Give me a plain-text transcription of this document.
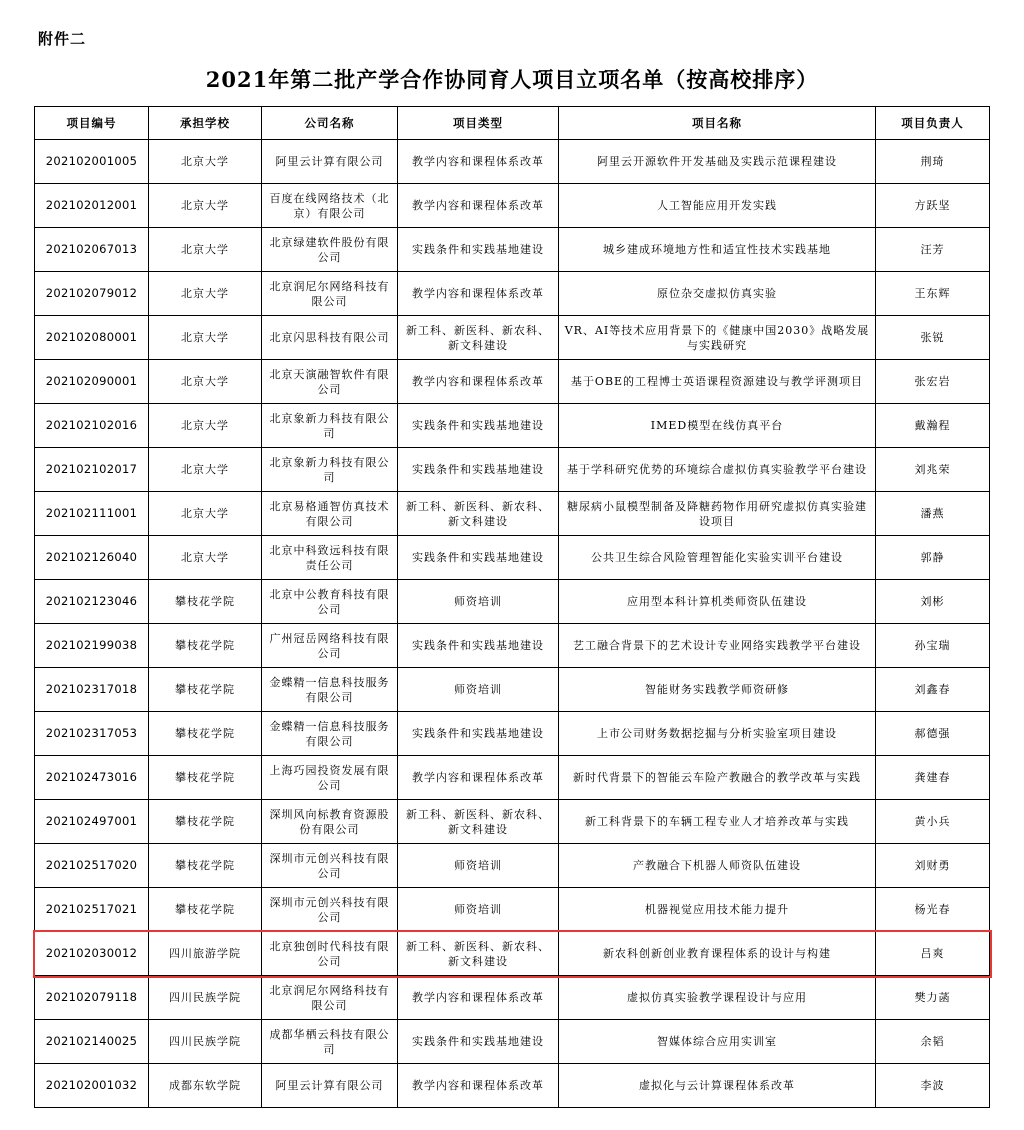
附件二
2021年第二批产学合作协同育人项目立项名单（按高校排序）
项目编号	承担学校	公司名称	项目类型	项目名称	项目负责人
202102001005	北京大学	阿里云计算有限公司	教学内容和课程体系改革	阿里云开源软件开发基础及实践示范课程建设	荆琦
202102012001	北京大学	百度在线网络技术（北京）有限公司	教学内容和课程体系改革	人工智能应用开发实践	方跃坚
202102067013	北京大学	北京绿建软件股份有限公司	实践条件和实践基地建设	城乡建成环境地方性和适宜性技术实践基地	汪芳
202102079012	北京大学	北京润尼尔网络科技有限公司	教学内容和课程体系改革	原位杂交虚拟仿真实验	王东辉
202102080001	北京大学	北京闪思科技有限公司	新工科、新医科、新农科、新文科建设	VR、AI等技术应用背景下的《健康中国2030》战略发展与实践研究	张锐
202102090001	北京大学	北京天演融智软件有限公司	教学内容和课程体系改革	基于OBE的工程博士英语课程资源建设与教学评测项目	张宏岩
202102102016	北京大学	北京象新力科技有限公司	实践条件和实践基地建设	IMED模型在线仿真平台	戴瀚程
202102102017	北京大学	北京象新力科技有限公司	实践条件和实践基地建设	基于学科研究优势的环境综合虚拟仿真实验教学平台建设	刘兆荣
202102111001	北京大学	北京易格通智仿真技术有限公司	新工科、新医科、新农科、新文科建设	糖尿病小鼠模型制备及降糖药物作用研究虚拟仿真实验建设项目	潘燕
202102126040	北京大学	北京中科致远科技有限责任公司	实践条件和实践基地建设	公共卫生综合风险管理智能化实验实训平台建设	郭静
202102123046	攀枝花学院	北京中公教育科技有限公司	师资培训	应用型本科计算机类师资队伍建设	刘彬
202102199038	攀枝花学院	广州冠岳网络科技有限公司	实践条件和实践基地建设	艺工融合背景下的艺术设计专业网络实践教学平台建设	孙宝瑞
202102317018	攀枝花学院	金蝶精一信息科技服务有限公司	师资培训	智能财务实践教学师资研修	刘鑫春
202102317053	攀枝花学院	金蝶精一信息科技服务有限公司	实践条件和实践基地建设	上市公司财务数据挖掘与分析实验室项目建设	郝德强
202102473016	攀枝花学院	上海巧园投资发展有限公司	教学内容和课程体系改革	新时代背景下的智能云车险产教融合的教学改革与实践	龚建春
202102497001	攀枝花学院	深圳风向标教育资源股份有限公司	新工科、新医科、新农科、新文科建设	新工科背景下的车辆工程专业人才培养改革与实践	黄小兵
202102517020	攀枝花学院	深圳市元创兴科技有限公司	师资培训	产教融合下机器人师资队伍建设	刘财勇
202102517021	攀枝花学院	深圳市元创兴科技有限公司	师资培训	机器视觉应用技术能力提升	杨光春
202102030012	四川旅游学院	北京独创时代科技有限公司	新工科、新医科、新农科、新文科建设	新农科创新创业教育课程体系的设计与构建	吕爽
202102079118	四川民族学院	北京润尼尔网络科技有限公司	教学内容和课程体系改革	虚拟仿真实验教学课程设计与应用	樊力菡
202102140025	四川民族学院	成都华栖云科技有限公司	实践条件和实践基地建设	智媒体综合应用实训室	余韬
202102001032	成都东软学院	阿里云计算有限公司	教学内容和课程体系改革	虚拟化与云计算课程体系改革	李波
